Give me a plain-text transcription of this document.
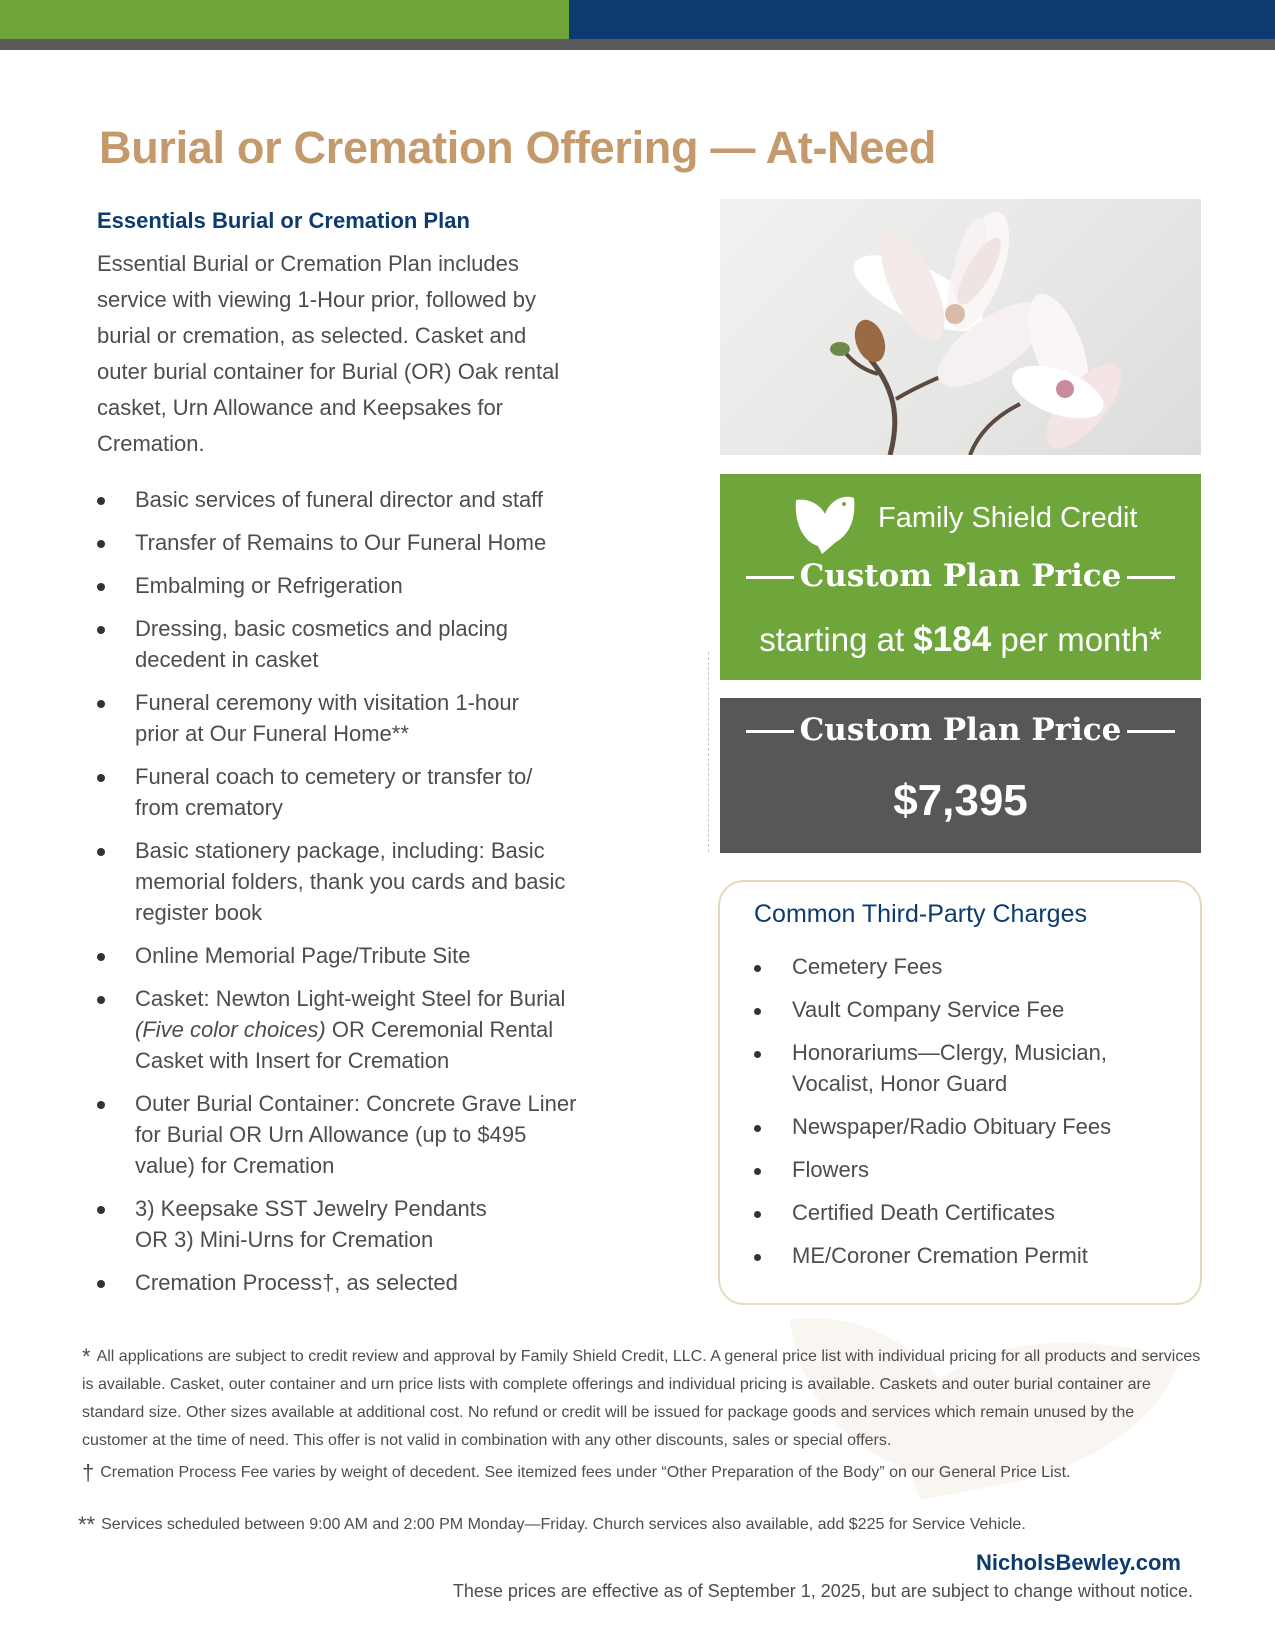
Burial or Cremation Offering — At-Need
Essentials Burial or Cremation Plan

Essential Burial or Cremation Plan includes
service with viewing 1-Hour prior, followed by
burial or cremation, as selected. Casket and
outer burial container for Burial (OR) Oak rental
casket, Urn Allowance and Keepsakes for
Cremation.

Basic services of funeral director and staff
Transfer of Remains to Our Funeral Home
Embalming or Refrigeration
Dressing, basic cosmetics and placing
decedent in casket
Funeral ceremony with visitation 1-hour
prior at Our Funeral Home**
Funeral coach to cemetery or transfer to/
from crematory
Basic stationery package, including: Basic
memorial folders, thank you cards and basic
register book
Online Memorial Page/Tribute Site
Casket: Newton Light-weight Steel for Burial
(Five color choices) OR Ceremonial Rental
Casket with Insert for Cremation
Outer Burial Container: Concrete Grave Liner
for Burial OR Urn Allowance (up to $495
value) for Cremation
3) Keepsake SST Jewelry Pendants
OR 3) Mini-Urns for Cremation
Cremation Process†, as selected
Family Shield Credit
Custom Plan Price
starting at $184 per month*
Custom Plan Price
$7,395
Common Third-Party Charges
Cemetery Fees
Vault Company Service Fee
Honorariums—Clergy, Musician,
Vocalist, Honor Guard
Newspaper/Radio Obituary Fees
Flowers
Certified Death Certificates
ME/Coroner Cremation Permit

* All applications are subject to credit review and approval by Family Shield Credit, LLC. A general price list with individual pricing for all products and services is available. Casket, outer container and urn price lists with complete offerings and individual pricing is available. Caskets and outer burial container are standard size. Other sizes available at additional cost. No refund or credit will be issued for package goods and services which remain unused by the customer at the time of need. This offer is not valid in combination with any other discounts, sales or special offers.

† Cremation Process Fee varies by weight of decedent. See itemized fees under “Other Preparation of the Body” on our General Price List.

** Services scheduled between 9:00 AM and 2:00 PM Monday—Friday. Church services also available, add $225 for Service Vehicle.

NicholsBewley.com
These prices are effective as of September 1, 2025, but are subject to change without notice.
